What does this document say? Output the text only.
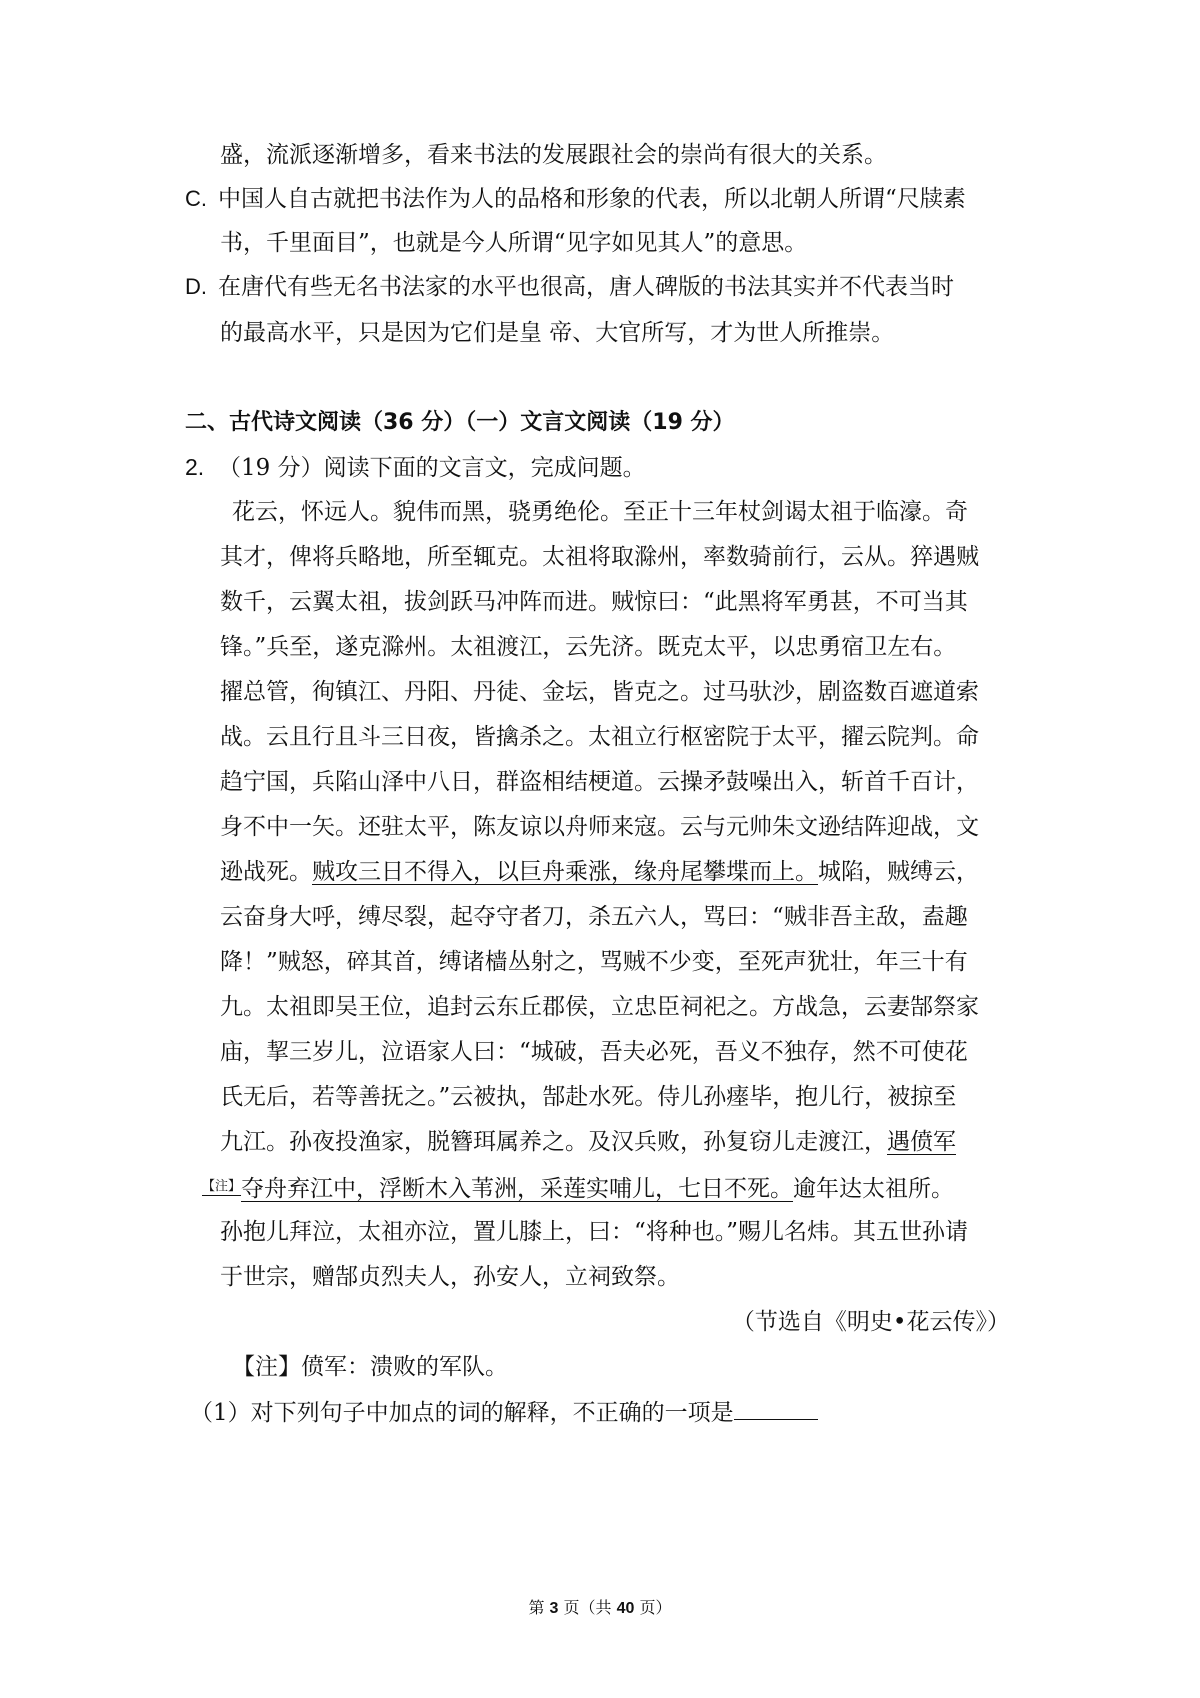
盛，流派逐渐增多，看来书法的发展跟社会的崇尚有很大的关系。
C. 中国人自古就把书法作为人的品格和形象的代表，所以北朝人所谓“尺牍素
书，千里面目”，也就是今人所谓“见字如见其人”的意思。
D. 在唐代有些无名书法家的水平也很高，唐人碑版的书法其实并不代表当时
的最高水平，只是因为它们是皇 帝、大官所写，才为世人所推崇。
二、古代诗文阅读（36 分）（一）文言文阅读（19 分）
2. （19 分）阅读下面的文言文，完成问题。
花云，怀远人。貌伟而黑，骁勇绝伦。至正十三年杖剑谒太祖于临濠。奇
其才，俾将兵略地，所至辄克。太祖将取滁州，率数骑前行，云从。猝遇贼
数千，云翼太祖，拔剑跃马冲阵而进。贼惊曰：“此黑将军勇甚，不可当其
锋。”兵至，遂克滁州。太祖渡江，云先济。既克太平，以忠勇宿卫左右。
擢总管，徇镇江、丹阳、丹徒、金坛，皆克之。过马驮沙，剧盗数百遮道索
战。云且行且斗三日夜，皆擒杀之。太祖立行枢密院于太平，擢云院判。命
趋宁国，兵陷山泽中八日，群盗相结梗道。云操矛鼓噪出入，斩首千百计，
身不中一矢。还驻太平，陈友谅以舟师来寇。云与元帅朱文逊结阵迎战，文
逊战死。贼攻三日不得入，以巨舟乘涨，缘舟尾攀堞而上。城陷，贼缚云，
云奋身大呼，缚尽裂，起夺守者刀，杀五六人，骂曰：“贼非吾主敌，盍趣
降！”贼怒，碎其首，缚诸樯丛射之，骂贼不少变，至死声犹壮，年三十有
九。太祖即吴王位，追封云东丘郡侯，立忠臣祠祀之。方战急，云妻郜祭家
庙，挈三岁儿，泣语家人曰：“城破，吾夫必死，吾义不独存，然不可使花
氏无后，若等善抚之。”云被执，郜赴水死。侍儿孙瘗毕，抱儿行，被掠至
九江。孙夜投渔家，脱簪珥属养之。及汉兵败，孙复窃儿走渡江，遇偾军
$^{【注】}$夺舟弃江中，浮断木入苇洲，采莲实哺儿，七日不死。逾年达太祖所。
孙抱儿拜泣，太祖亦泣，置儿膝上，曰：“将种也。”赐儿名炜。其五世孙请
于世宗，赠郜贞烈夫人，孙安人，立祠致祭。
（节选自《明史•花云传》）
【注】偾军：溃败的军队。
（1）对下列句子中加点的词的解释，不正确的一项是
第 3 页（共 40 页）
